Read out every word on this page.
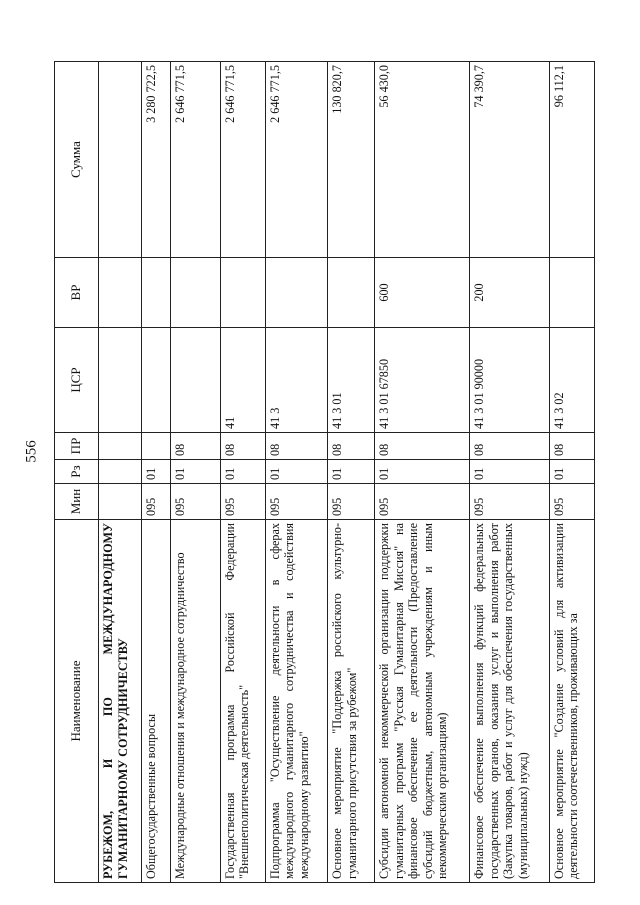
556
Наименование	Мин	Рз	ПР	ЦСР	ВР	Сумма
РУБЕЖОМ, И ПО МЕЖДУНАРОДНОМУ ГУМАНИТАРНОМУ СОТРУДНИЧЕСТВУ						
Общегосударственные вопросы	095	01				3 280 722,5
Международные отношения и международное сотрудничество	095	01	08			2 646 771,5
Государственная программа Российской Федерации "Внешнеполитическая деятельность"	095	01	08	41		2 646 771,5
Подпрограмма "Осуществление деятельности в сферах международного гуманитарного сотрудничества и содействия международному развитию"	095	01	08	41 3		2 646 771,5
Основное мероприятие "Поддержка российского культурно-гуманитарного присутствия за рубежом"	095	01	08	41 3 01		130 820,7
Субсидии автономной некоммерческой организации поддержки гуманитарных программ "Русская Гуманитарная Миссия" на финансовое обеспечение ее деятельности (Предоставление субсидий бюджетным, автономным учреждениям и иным некоммерческим организациям)	095	01	08	41 3 01 67850	600	56 430,0
Финансовое обеспечение выполнения функций федеральных государственных органов, оказания услуг и выполнения работ (Закупка товаров, работ и услуг для обеспечения государственных (муниципальных) нужд)	095	01	08	41 3 01 90000	200	74 390,7
Основное мероприятие "Создание условий для активизации деятельности соотечественников, проживающих за	095	01	08	41 3 02		96 112,1
